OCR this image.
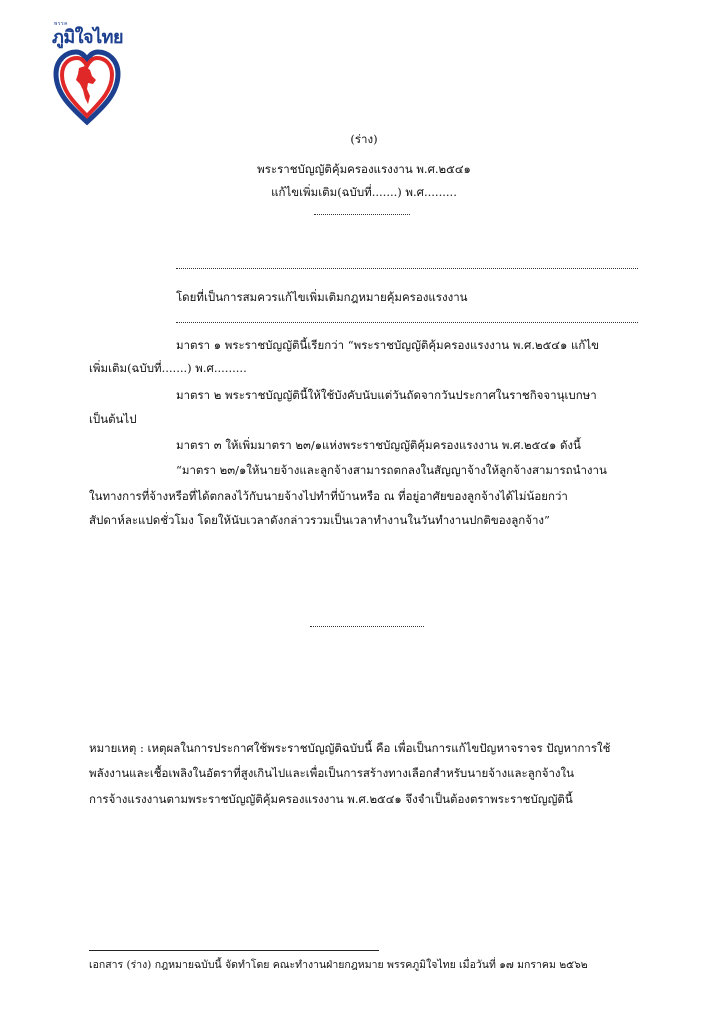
พรรค
ภูมิใจไทย
(ร่าง)
พระราชบัญญัติคุ้มครองแรงงาน พ.ศ.๒๕๔๑
แก้ไขเพิ่มเติม(ฉบับที่.......) พ.ศ.........
โดยที่เป็นการสมควรแก้ไขเพิ่มเติมกฎหมายคุ้มครองแรงงาน
มาตรา ๑ พระราชบัญญัตินี้เรียกว่า “พระราชบัญญัติคุ้มครองแรงงาน พ.ศ.๒๕๔๑ แก้ไข
เพิ่มเติม(ฉบับที่.......) พ.ศ.........
มาตรา ๒ พระราชบัญญัตินี้ให้ใช้บังคับนับแต่วันถัดจากวันประกาศในราชกิจจานุเบกษา
เป็นต้นไป
มาตรา ๓ ให้เพิ่มมาตรา ๒๓/๑แห่งพระราชบัญญัติคุ้มครองแรงงาน พ.ศ.๒๕๔๑ ดังนี้
“มาตรา ๒๓/๑ให้นายจ้างและลูกจ้างสามารถตกลงในสัญญาจ้างให้ลูกจ้างสามารถนำงาน
ในทางการที่จ้างหรือที่ได้ตกลงไว้กับนายจ้างไปทำที่บ้านหรือ ณ ที่อยู่อาศัยของลูกจ้างได้ไม่น้อยกว่า
สัปดาห์ละแปดชั่วโมง โดยให้นับเวลาดังกล่าวรวมเป็นเวลาทำงานในวันทำงานปกติของลูกจ้าง”
หมายเหตุ : เหตุผลในการประกาศใช้พระราชบัญญัติฉบับนี้ คือ เพื่อเป็นการแก้ไขปัญหาจราจร ปัญหาการใช้
พลังงานและเชื้อเพลิงในอัตราที่สูงเกินไปและเพื่อเป็นการสร้างทางเลือกสำหรับนายจ้างและลูกจ้างใน
การจ้างแรงงานตามพระราชบัญญัติคุ้มครองแรงงาน พ.ศ.๒๕๔๑ จึงจำเป็นต้องตราพระราชบัญญัตินี้
เอกสาร (ร่าง) กฎหมายฉบับนี้ จัดทำโดย คณะทำงานฝ่ายกฎหมาย พรรคภูมิใจไทย เมื่อวันที่ ๑๗ มกราคม ๒๕๖๒
